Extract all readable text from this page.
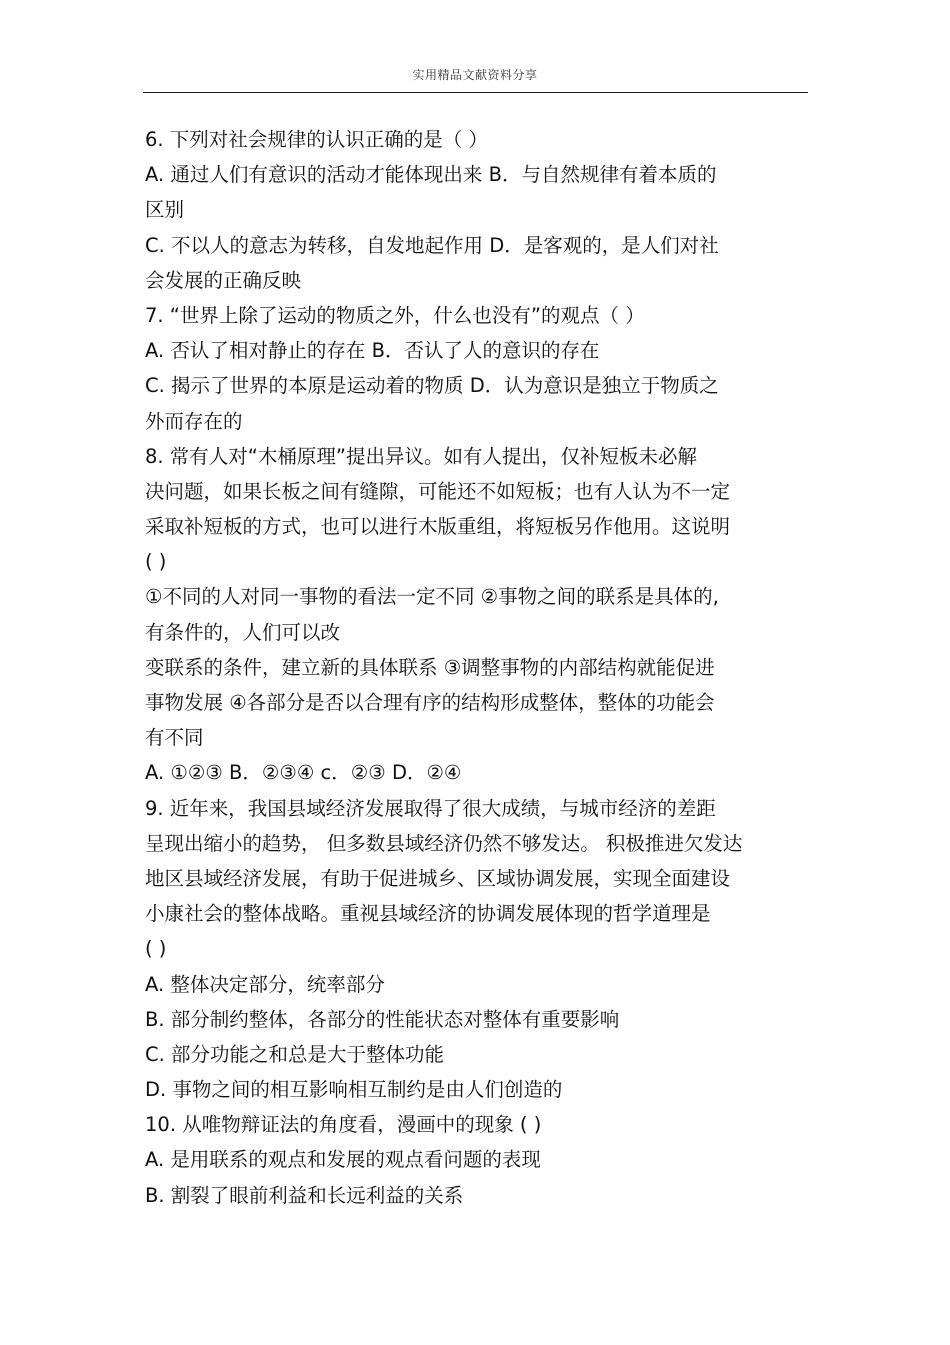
实用精品文献资料分享
6. 下列对社会规律的认识正确的是（ ）
A. 通过人们有意识的活动才能体现出来 B．与自然规律有着本质的
区别
C. 不以人的意志为转移，自发地起作用 D．是客观的，是人们对社
会发展的正确反映
7. “世界上除了运动的物质之外，什么也没有”的观点（ ）
A. 否认了相对静止的存在 B．否认了人的意识的存在
C. 揭示了世界的本原是运动着的物质 D．认为意识是独立于物质之
外而存在的
8. 常有人对“木桶原理”提出异议。如有人提出，仅补短板未必解
决问题，如果长板之间有缝隙，可能还不如短板；也有人认为不一定
采取补短板的方式，也可以进行木版重组，将短板另作他用。这说明
( )
①不同的人对同一事物的看法一定不同 ②事物之间的联系是具体的,
有条件的，人们可以改
变联系的条件，建立新的具体联系 ③调整事物的内部结构就能促进
事物发展 ④各部分是否以合理有序的结构形成整体，整体的功能会
有不同
A. ①②③ B．②③④ c．②③ D．②④
9. 近年来，我国县域经济发展取得了很大成绩，与城市经济的差距
呈现出缩小的趋势， 但多数县域经济仍然不够发达。 积极推进欠发达
地区县域经济发展，有助于促进城乡、区域协调发展，实现全面建设
小康社会的整体战略。重视县域经济的协调发展体现的哲学道理是
( )
A. 整体决定部分，统率部分
B. 部分制约整体，各部分的性能状态对整体有重要影响
C. 部分功能之和总是大于整体功能
D. 事物之间的相互影响相互制约是由人们创造的
10. 从唯物辩证法的角度看，漫画中的现象 ( )
A. 是用联系的观点和发展的观点看问题的表现
B. 割裂了眼前利益和长远利益的关系
